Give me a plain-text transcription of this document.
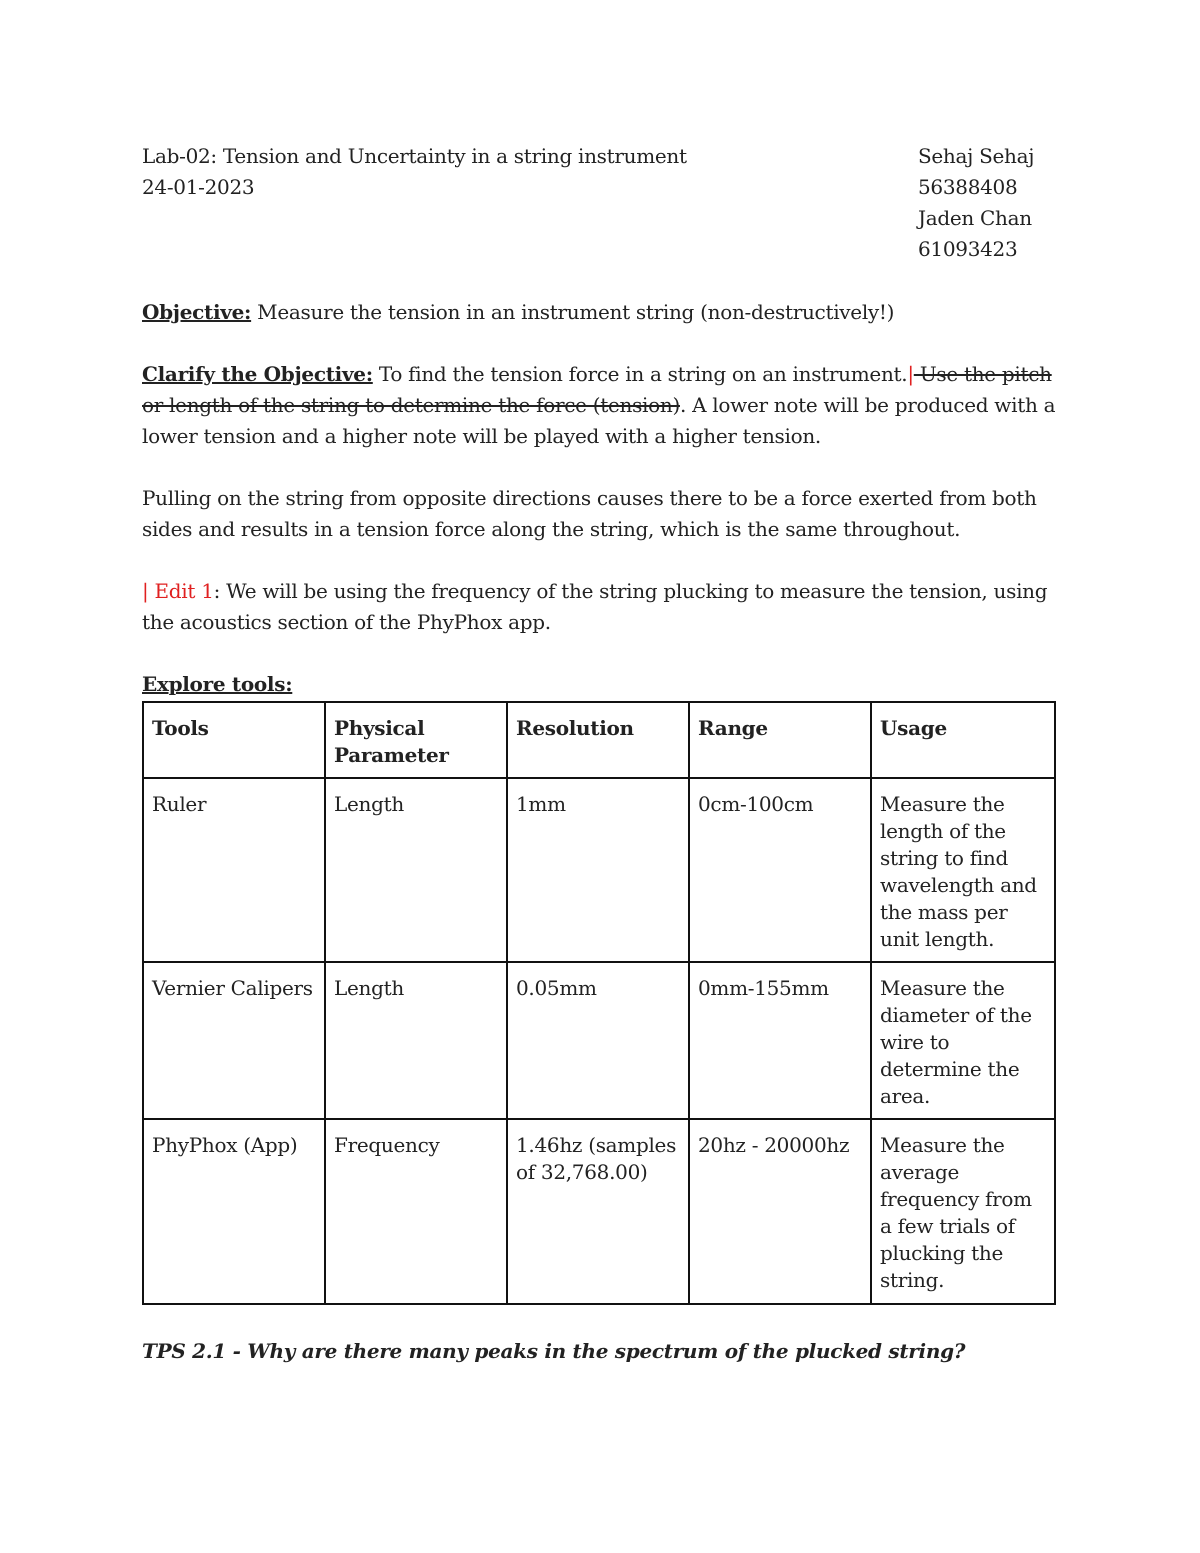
Lab-02: Tension and Uncertainty in a string instrument
24-01-2023
Sehaj Sehaj
56388408
Jaden Chan
61093423
Objective: Measure the tension in an instrument string (non-destructively!)
Clarify the Objective: To find the tension force in a string on an instrument.| Use the pitch or length of the string to determine the force (tension). A lower note will be produced with a lower tension and a higher note will be played with a higher tension.
Pulling on the string from opposite directions causes there to be a force exerted from both sides and results in a tension force along the string, which is the same throughout.
| Edit 1: We will be using the frequency of the string plucking to measure the tension, using the acoustics section of the PhyPhox app.
Explore tools:
Tools	Physical Parameter	Resolution	Range	Usage
Ruler	Length	1mm	0cm-100cm	Measure the length of the string to find wavelength and the mass per unit length.
Vernier Calipers	Length	0.05mm	0mm-155mm	Measure the diameter of the wire to determine the area.
PhyPhox (App)	Frequency	1.46hz (samples of 32,768.00)	20hz - 20000hz	Measure the average frequency from a few trials of plucking the string.
TPS 2.1 - Why are there many peaks in the spectrum of the plucked string?
